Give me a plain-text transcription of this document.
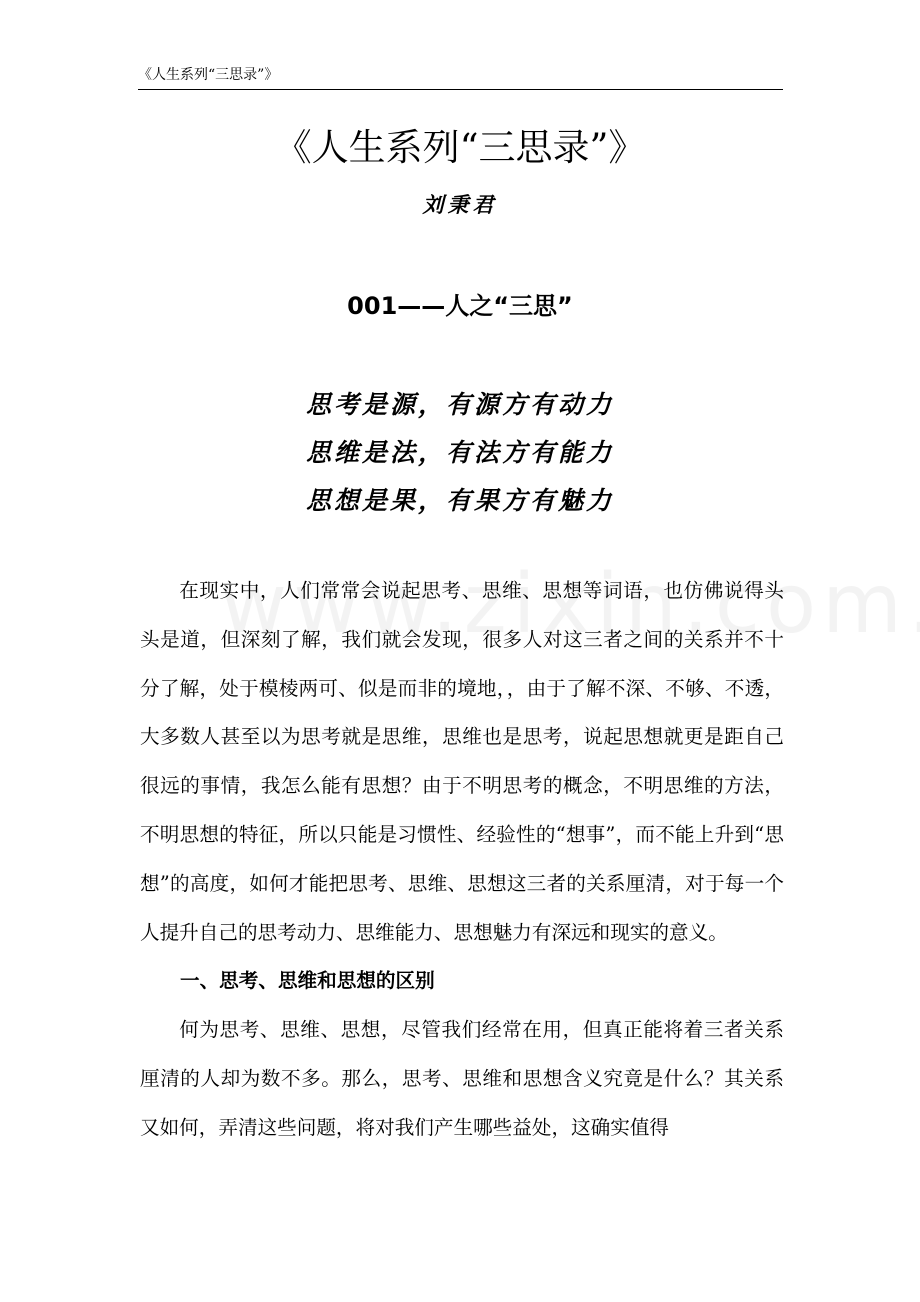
《人生系列“三思录”》
《人生系列“三思录”》
刘秉君
001——人之“三思”
思考是源，有源方有动力
思维是法，有法方有能力
思想是果，有果方有魅力

在现实中，人们常常会说起思考、思维、思想等词语，也仿佛说得头头是道，但深刻了解，我们就会发现，很多人对这三者之间的关系并不十分了解，处于模棱两可、似是而非的境地，，由于了解不深、不够、不透，大多数人甚至以为思考就是思维，思维也是思考，说起思想就更是距自己很远的事情，我怎么能有思想？由于不明思考的概念，不明思维的方法，不明思想的特征，所以只能是习惯性、经验性的“想事”，而不能上升到“思想”的高度，如何才能把思考、思维、思想这三者的关系厘清，对于每一个人提升自己的思考动力、思维能力、思想魅力有深远和现实的意义。

一、思考、思维和思想的区别

何为思考、思维、思想，尽管我们经常在用，但真正能将着三者关系厘清的人却为数不多。那么，思考、思维和思想含义究竟是什么？其关系又如何，弄清这些问题，将对我们产生哪些益处，这确实值得
